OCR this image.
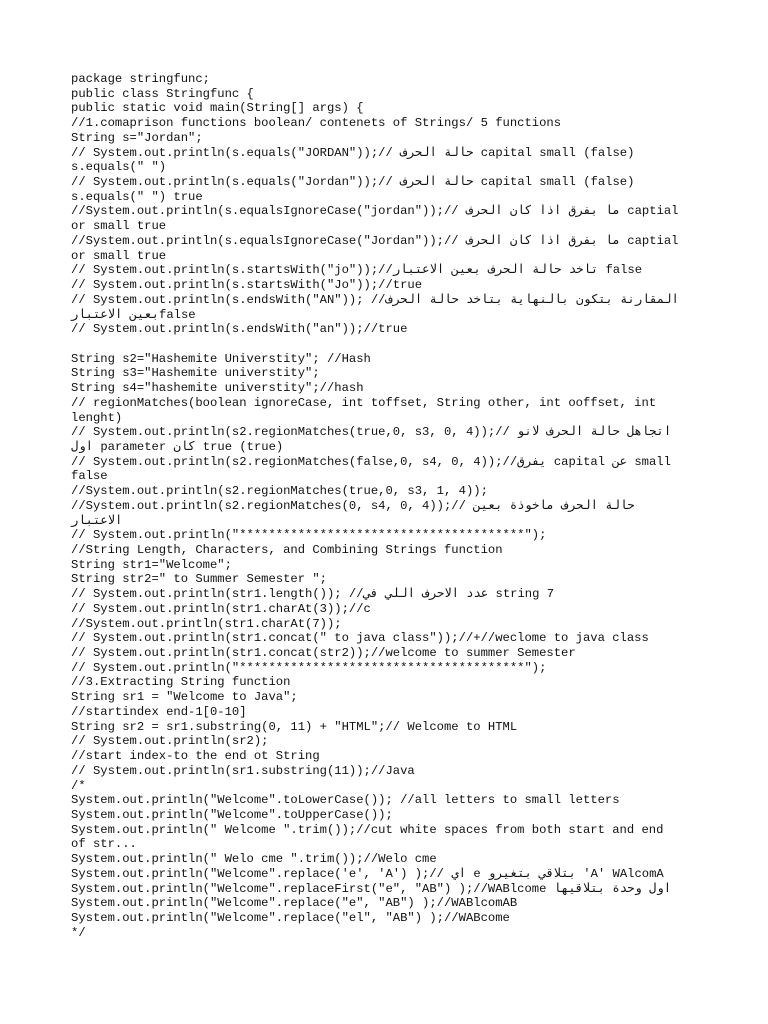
package stringfunc;
public class Stringfunc {
public static void main(String[] args) {
//1.comaprison functions boolean/ contenets of Strings/ 5 functions
String s="Jordan";
// System.out.println(s.equals("JORDAN"));// حالة الحرف capital small (false)
s.equals(" ")
// System.out.println(s.equals("Jordan"));// حالة الحرف capital small (false)
s.equals(" ") true
//System.out.println(s.equalsIgnoreCase("jordan"));// ما بفرق اذا كان الحرف captial
or small true
//System.out.println(s.equalsIgnoreCase("Jordan"));// ما بفرق اذا كان الحرف captial
or small true
// System.out.println(s.startsWith("jo"));//تاخد حالة الحرف بعين الاعتبار false
// System.out.println(s.startsWith("Jo"));//true
// System.out.println(s.endsWith("AN")); //المقارنة بتكون بالنهاية بتاخد حالة الحرف
بعين الاعتبارfalse
// System.out.println(s.endsWith("an"));//true
String s2="Hashemite Universtity"; //Hash
String s3="Hashemite universtity";
String s4="hashemite universtity";//hash
// regionMatches(boolean ignoreCase, int toffset, String other, int ooffset, int
lenght)
// System.out.println(s2.regionMatches(true,0, s3, 0, 4));// اتجاهل حالة الحرف لانو
اول parameter كان true (true)
// System.out.println(s2.regionMatches(false,0, s4, 0, 4));//يفرق capital عن small
false
//System.out.println(s2.regionMatches(true,0, s3, 1, 4));
//System.out.println(s2.regionMatches(0, s4, 0, 4));// حالة الحرف ماخوذة بعين
الاعتبار
// System.out.println("***************************************");
//String Length, Characters, and Combining Strings function
String str1="Welcome";
String str2=" to Summer Semester ";
// System.out.println(str1.length()); //عدد الاحرف اللي في string 7
// System.out.println(str1.charAt(3));//c
//System.out.println(str1.charAt(7));
// System.out.println(str1.concat(" to java class"));//+//weclome to java class
// System.out.println(str1.concat(str2));//welcome to summer Semester
// System.out.println("***************************************");
//3.Extracting String function
String sr1 = "Welcome to Java";
//startindex end-1[0-10]
String sr2 = sr1.substring(0, 11) + "HTML";// Welcome to HTML
// System.out.println(sr2);
//start index-to the end ot String
// System.out.println(sr1.substring(11));//Java
/*
System.out.println("Welcome".toLowerCase()); //all letters to small letters
System.out.println("Welcome".toUpperCase());
System.out.println(" Welcome ".trim());//cut white spaces from both start and end
of str...
System.out.println(" Welo cme ".trim());//Welo cme
System.out.println("Welcome".replace('e', 'A') );// اي e بتلاقي بتغيرو 'A' WAlcomA
System.out.println("Welcome".replaceFirst("e", "AB") );//WABlcome اول وحدة بتلاقيها
System.out.println("Welcome".replace("e", "AB") );//WABlcomAB
System.out.println("Welcome".replace("el", "AB") );//WABcome
*/
